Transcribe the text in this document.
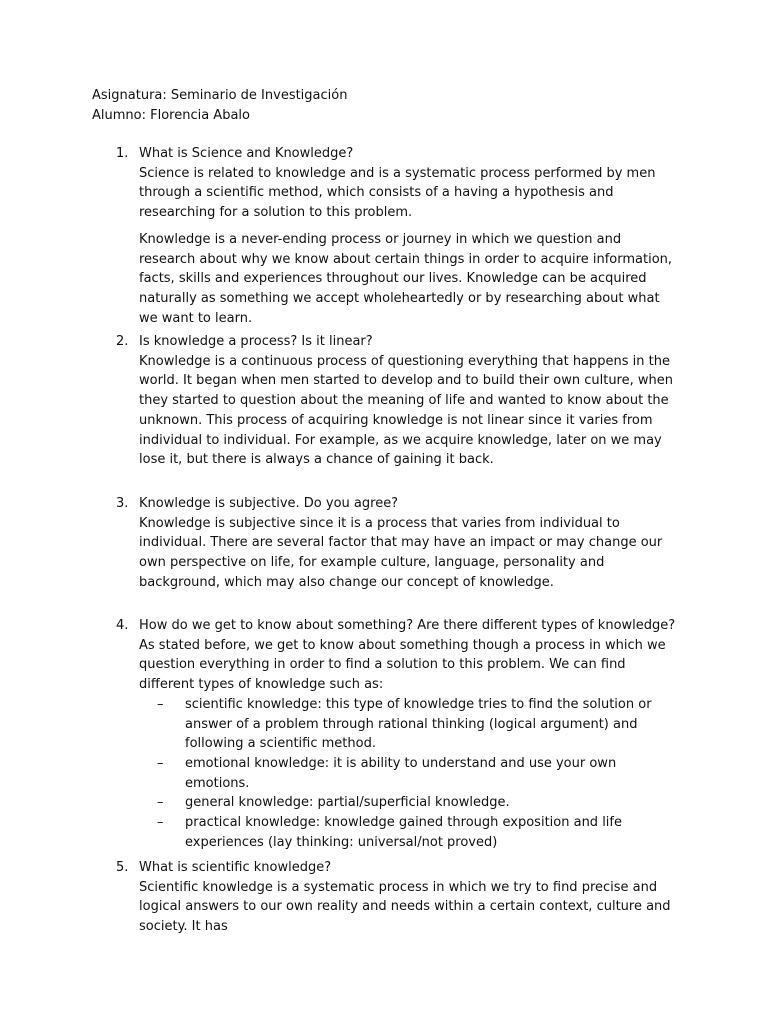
Asignatura: Seminario de Investigación
Alumno: Florencia Abalo
1. What is Science and Knowledge?

Science is related to knowledge and is a systematic process performed by men through a scientific method, which consists of a having a hypothesis and researching for a solution to this problem.

Knowledge is a never-ending process or journey in which we question and research about why we know about certain things in order to acquire information, facts, skills and experiences throughout our lives. Knowledge can be acquired naturally as something we accept wholeheartedly or by researching about what we want to learn.

2. Is knowledge a process? Is it linear?

Knowledge is a continuous process of questioning everything that happens in the world. It began when men started to develop and to build their own culture, when they started to question about the meaning of life and wanted to know about the unknown. This process of acquiring knowledge is not linear since it varies from individual to individual. For example, as we acquire knowledge, later on we may lose it, but there is always a chance of gaining it back.

3. Knowledge is subjective. Do you agree?

Knowledge is subjective since it is a process that varies from individual to individual. There are several factor that may have an impact or may change our own perspective on life, for example culture, language, personality and background, which may also change our concept of knowledge.

4. How do we get to know about something? Are there different types of knowledge?

As stated before, we get to know about something though a process in which we question everything in order to find a solution to this problem. We can find different types of knowledge such as:

– scientific knowledge: this type of knowledge tries to find the solution or answer of a problem through rational thinking (logical argument) and following a scientific method.
– emotional knowledge: it is ability to understand and use your own emotions.
– general knowledge: partial/superficial knowledge.
– practical knowledge: knowledge gained through exposition and life experiences (lay thinking: universal/not proved)
5. What is scientific knowledge?

Scientific knowledge is a systematic process in which we try to find precise and logical answers to our own reality and needs within a certain context, culture and society. It has
